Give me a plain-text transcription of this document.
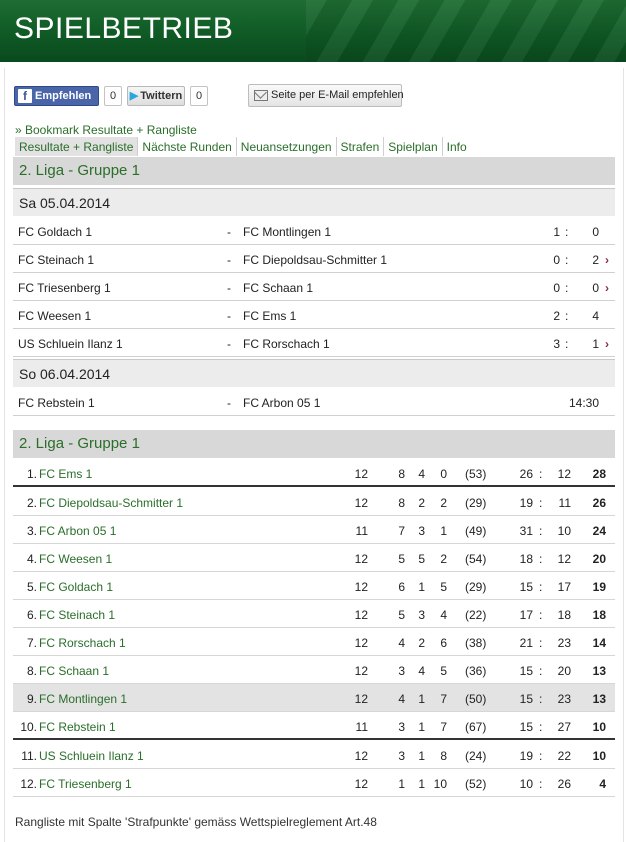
SPIELBETRIEB
f Empfehlen	0	▶ Twittern	0	Seite per E-Mail empfehlen
» Bookmark Resultate + Rangliste
Resultate + Rangliste Nächste Runden Neuansetzungen Strafen Spielplan Info
2. Liga - Gruppe 1
Sa 05.04.2014
FC Goldach 1	- FC Montlingen 1	1 :	0
FC Steinach 1	- FC Diepoldsau-Schmitter 1	0 :	2 ›
FC Triesenberg 1	- FC Schaan 1	0 :	0 ›
FC Weesen 1	- FC Ems 1	2 :	4
US Schluein Ilanz 1	- FC Rorschach 1	3 :	1 ›
So 06.04.2014
FC Rebstein 1	- FC Arbon 05 1	14:30
2. Liga - Gruppe 1
1. FC Ems 1	12	8	4	0 (53)	26 :	12	28
2. FC Diepoldsau-Schmitter 1	12	8	2	2 (29)	19 :	11	26
3. FC Arbon 05 1	11	7	3	1 (49)	31 :	10	24
4. FC Weesen 1	12	5	5	2 (54)	18 :	12	20
5. FC Goldach 1	12	6	1	5 (29)	15 :	17	19
6. FC Steinach 1	12	5	3	4 (22)	17 :	18	18
7. FC Rorschach 1	12	4	2	6 (38)	21 :	23	14
8. FC Schaan 1	12	3	4	5 (36)	15 :	20	13
9. FC Montlingen 1	12	4	1	7 (50)	15 :	23	13
10. FC Rebstein 1	11	3	1	7 (67)	15 :	27	10
11. US Schluein Ilanz 1	12	3	1	8 (24)	19 :	22	10
12. FC Triesenberg 1	12	1	1 10 (52)	10 :	26	4
Rangliste mit Spalte 'Strafpunkte' gemäss Wettspielreglement Art.48
